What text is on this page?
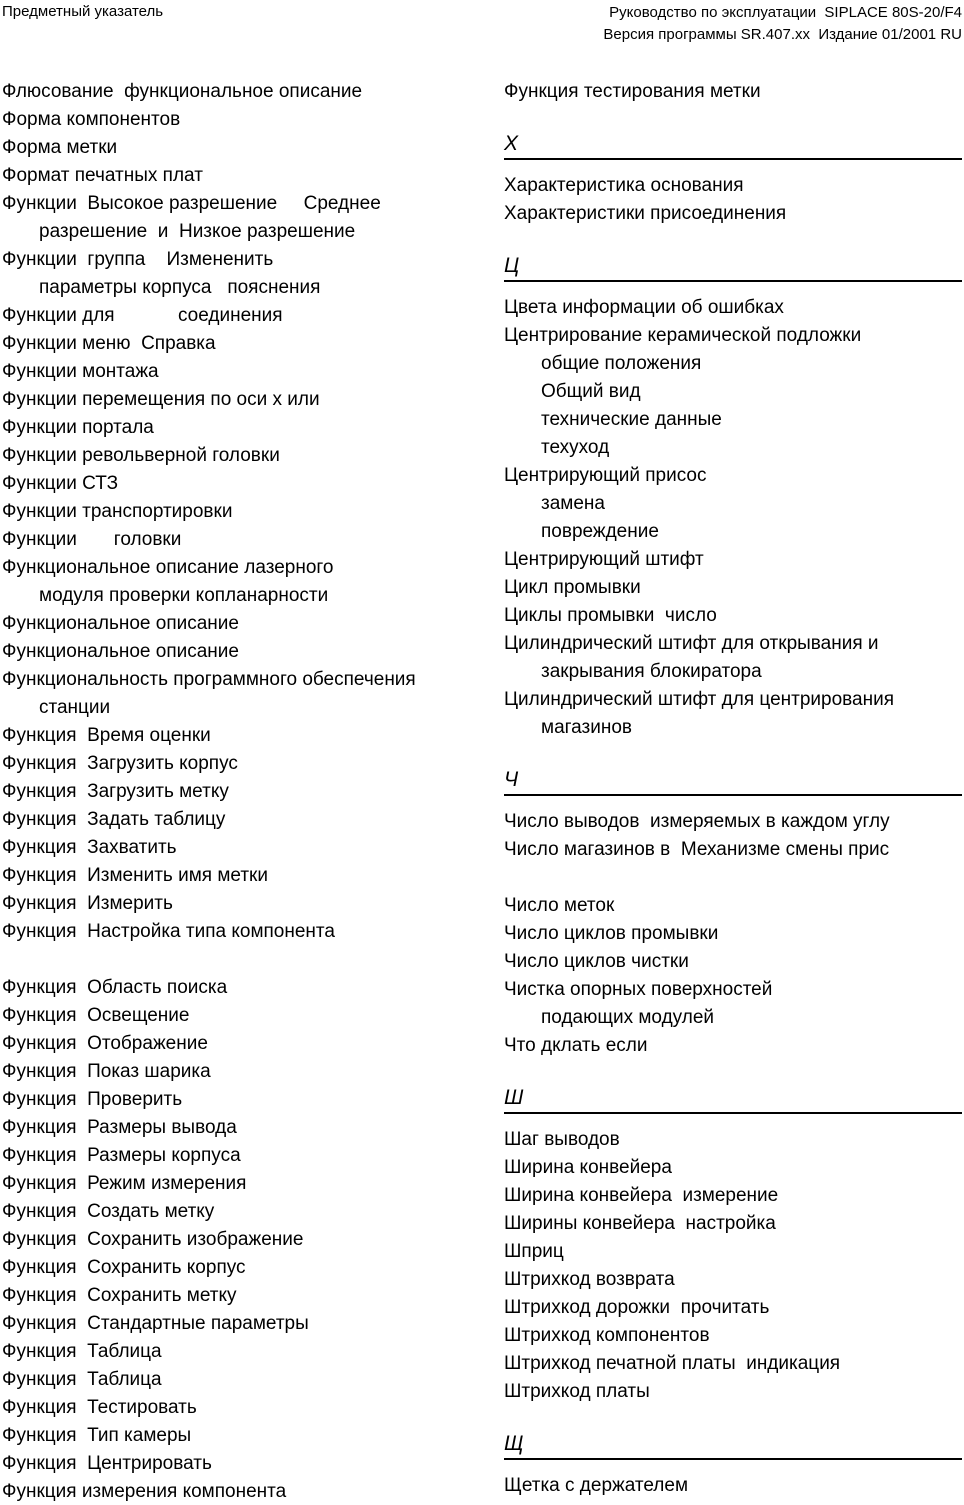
Предметный указатель	Руководство по эксплуатации  SIPLACE 80S-20/F4
Версия программы SR.407.xx  Издание 01/2001 RU
Флюсование  функциональное описание
Форма компонентов
Форма метки
Формат печатных плат
Функции  Высокое разрешение     Среднее
разрешение  и  Низкое разрешение
Функции  группа    Измененить
параметры корпуса   пояснения
Функции для            соединения
Функции меню  Справка
Функции монтажа
Функции перемещения по оси х или
Функции портала
Функции револьверной головки
Функции СТЗ
Функции транспортировки
Функции       головки
Функциональное описание лазерного
модуля проверки копланарности
Функциональное описание
Функциональное описание
Функциональность программного обеспечения
станции
Функция  Время оценки
Функция  Загрузить корпус
Функция  Загрузить метку
Функция  Задать таблицу
Функция  Захватить
Функция  Изменить имя метки
Функция  Измерить
Функция  Настройка типа компонента
Функция  Область поиска
Функция  Освещение
Функция  Отображение
Функция  Показ шарика
Функция  Проверить
Функция  Размеры вывода
Функция  Размеры корпуса
Функция  Режим измерения
Функция  Создать метку
Функция  Сохранить изображение
Функция  Сохранить корпус
Функция  Сохранить метку
Функция  Стандартные параметры
Функция  Таблица
Функция  Таблица
Функция  Тестировать
Функция  Тип камеры
Функция  Центрировать
Функция измерения компонента
Функция тестирования метки
Х
Характеристика основания
Характеристики присоединения
Ц
Цвета информации об ошибках
Центрирование керамической подложки
общие положения
Общий вид
технические данные
техуход
Центрирующий присос
замена
повреждение
Центрирующий штифт
Цикл промывки
Циклы промывки  число
Цилиндрический штифт для открывания и
закрывания блокиратора
Цилиндрический штифт для центрирования
магазинов
Ч
Число выводов  измеряемых в каждом углу
Число магазинов в  Механизме смены прис
Число меток
Число циклов промывки
Число циклов чистки
Чистка опорных поверхностей
подающих модулей
Что дклать если
Ш
Шаг выводов
Ширина конвейера
Ширина конвейера  измерение
Ширины конвейера  настройка
Шприц
Штрихкод возврата
Штрихкод дорожки  прочитать
Штрихкод компонентов
Штрихкод печатной платы  индикация
Штрихкод платы
Щ
Щетка с держателем
